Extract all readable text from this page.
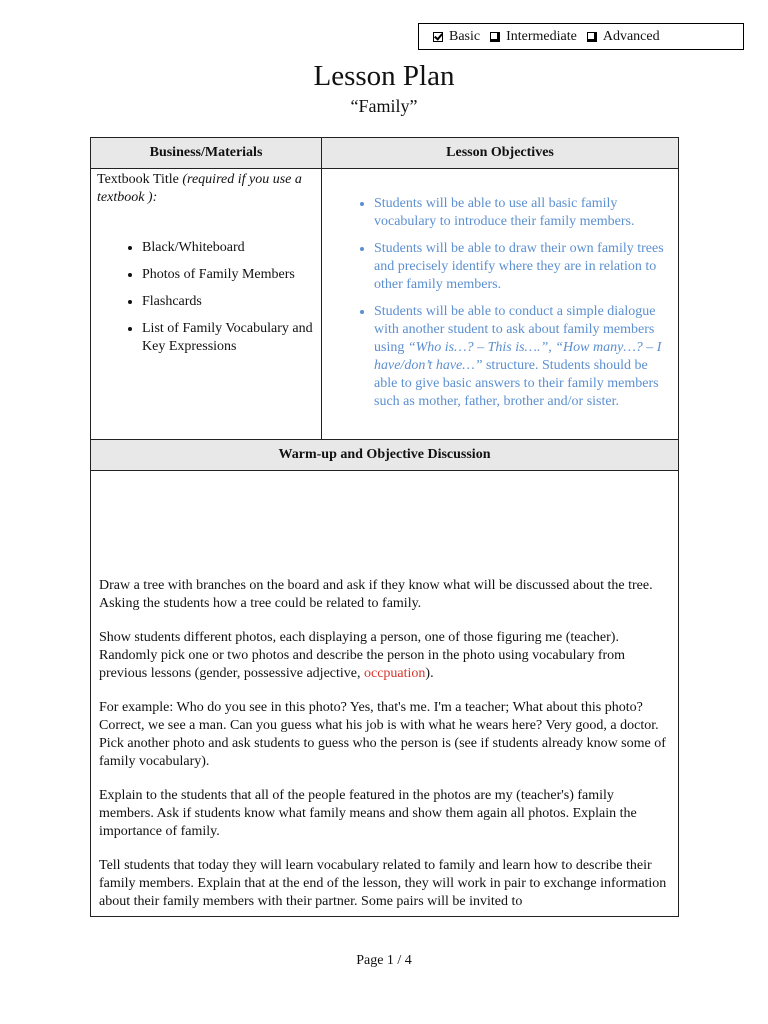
Basic Intermediate Advanced
Lesson Plan
“Family”
Business/Materials	Lesson Objectives
Textbook Title (required if you use a textbook ):
• Black/Whiteboard
• Photos of Family Members
• Flashcards
• List of Family Vocabulary and Key Expressions
• Students will be able to use all basic family vocabulary to introduce their family members.
• Students will be able to draw their own family trees and precisely identify where they are in relation to other family members.
• Students will be able to conduct a simple dialogue with another student to ask about family members using “Who is…? – This is….”, “How many…? – I have/don’t have…” structure. Students should be able to give basic answers to their family members such as mother, father, brother and/or sister.
Warm-up and Objective Discussion

Draw a tree with branches on the board and ask if they know what will be discussed about the tree. Asking the students how a tree could be related to family.

Show students different photos, each displaying a person, one of those figuring me (teacher). Randomly pick one or two photos and describe the person in the photo using vocabulary from previous lessons (gender, possessive adjective, occpuation).

For example: Who do you see in this photo? Yes, that's me. I'm a teacher; What about this photo? Correct, we see a man. Can you guess what his job is with what he wears here? Very good, a doctor. Pick another photo and ask students to guess who the person is (see if students already know some of family vocabulary).

Explain to the students that all of the people featured in the photos are my (teacher's) family members. Ask if students know what family means and show them again all photos. Explain the importance of family.

Tell students that today they will learn vocabulary related to family and learn how to describe their family members. Explain that at the end of the lesson, they will work in pair to exchange information about their family members with their partner. Some pairs will be invited to

Page 1 / 4
